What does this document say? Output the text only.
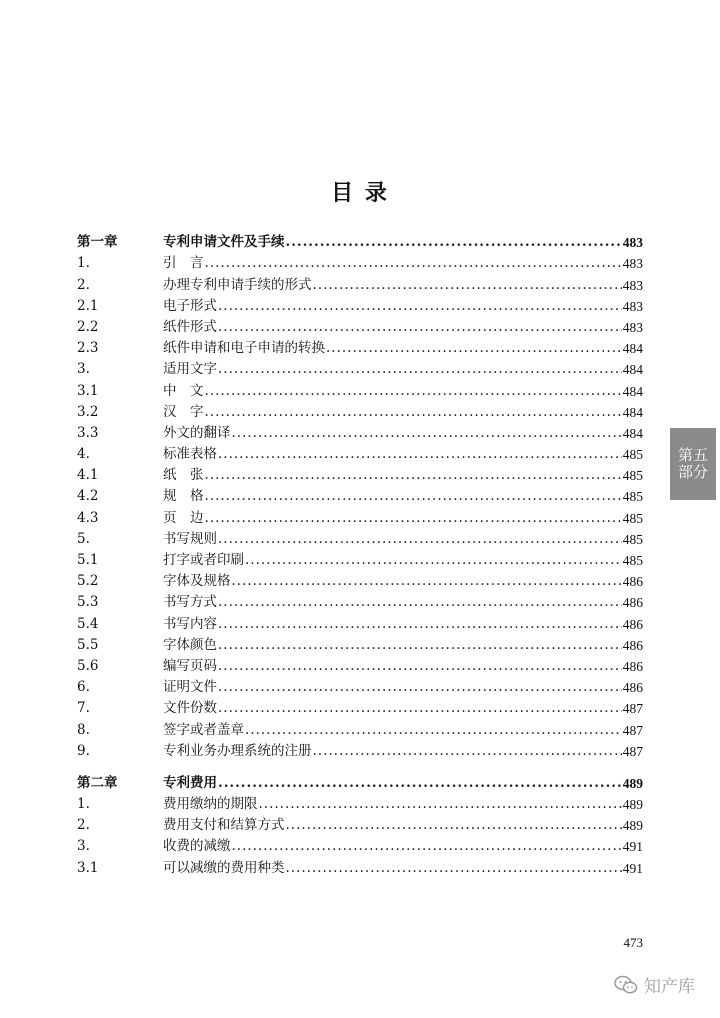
目 录
第一章	专利申请文件及手续 .....	483
1.	引　言 .....	483
2.	办理专利申请手续的形式 .....	483
2.1	电子形式 .....	483
2.2	纸件形式 .....	483
2.3	纸件申请和电子申请的转换 .....	484
3.	适用文字 .....	484
3.1	中　文 .....	484
3.2	汉　字 .....	484
3.3	外文的翻译 .....	484
4.	标准表格 .....	485
4.1	纸　张 .....	485
4.2	规　格 .....	485
4.3	页　边 .....	485
5.	书写规则 .....	485
5.1	打字或者印刷 .....	485
5.2	字体及规格 .....	486
5.3	书写方式 .....	486
5.4	书写内容 .....	486
5.5	字体颜色 .....	486
5.6	编写页码 .....	486
6.	证明文件 .....	486
7.	文件份数 .....	487
8.	签字或者盖章 .....	487
9.	专利业务办理系统的注册 .....	487
第二章	专利费用 .....	489
1.	费用缴纳的期限 .....	489
2.	费用支付和结算方式 .....	489
3.	收费的减缴 .....	491
3.1	可以减缴的费用种类 .....	491
第五部分
473
知产库
